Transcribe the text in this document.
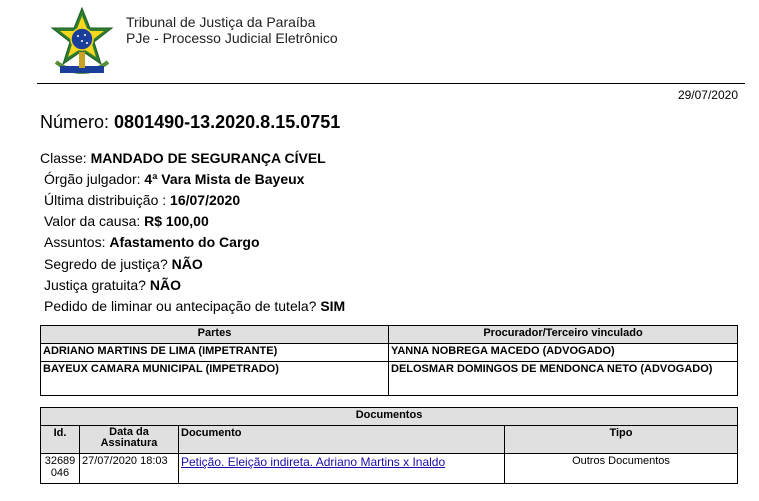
Tribunal de Justiça da Paraíba
PJe - Processo Judicial Eletrônico
29/07/2020
Número: 0801490-13.2020.8.15.0751
Classe: MANDADO DE SEGURANÇA CÍVEL
Órgão julgador: 4ª Vara Mista de Bayeux
Última distribuição : 16/07/2020
Valor da causa: R$ 100,00
Assuntos: Afastamento do Cargo
Segredo de justiça? NÃO
Justiça gratuita? NÃO
Pedido de liminar ou antecipação de tutela? SIM
Partes	Procurador/Terceiro vinculado
ADRIANO MARTINS DE LIMA (IMPETRANTE)	YANNA NOBREGA MACEDO (ADVOGADO)
BAYEUX CAMARA MUNICIPAL (IMPETRADO)	DELOSMAR DOMINGOS DE MENDONCA NETO (ADVOGADO)
Documentos			
Id.	Data da Assinatura	Documento	Tipo
32689 046	27/07/2020 18:03	Petição. Eleição indireta. Adriano Martins x Inaldo	Outros Documentos
